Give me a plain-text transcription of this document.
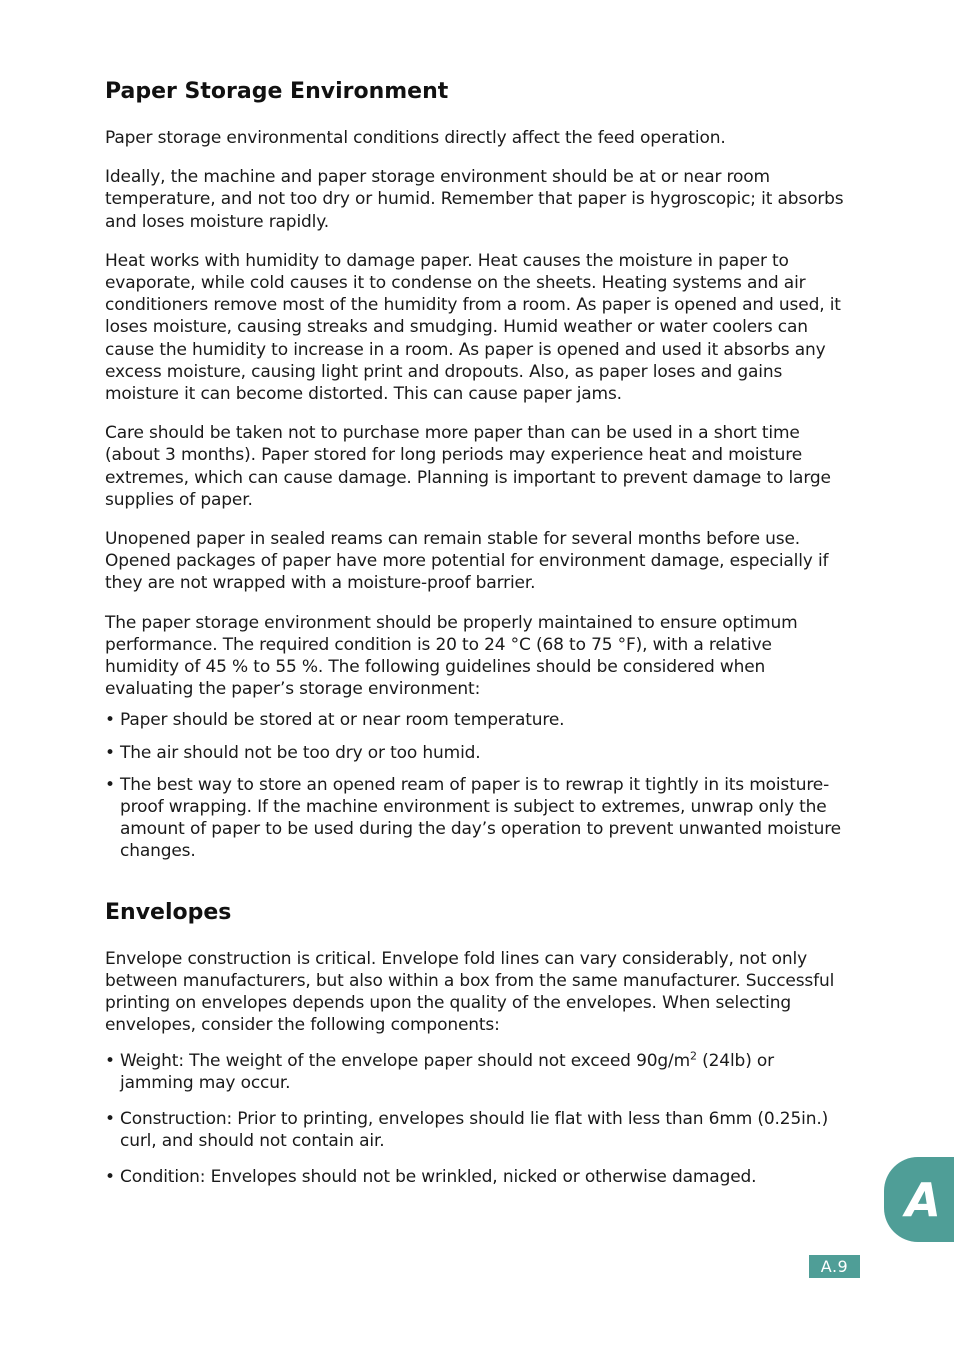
Paper Storage Environment

Paper storage environmental conditions directly affect the feed operation.

Ideally, the machine and paper storage environment should be at or near room temperature, and not too dry or humid. Remember that paper is hygroscopic; it absorbs and loses moisture rapidly.

Heat works with humidity to damage paper. Heat causes the moisture in paper to evaporate, while cold causes it to condense on the sheets. Heating systems and air conditioners remove most of the humidity from a room. As paper is opened and used, it loses moisture, causing streaks and smudging. Humid weather or water coolers can cause the humidity to increase in a room. As paper is opened and used it absorbs any excess moisture, causing light print and dropouts. Also, as paper loses and gains moisture it can become distorted. This can cause paper jams.

Care should be taken not to purchase more paper than can be used in a short time (about 3 months). Paper stored for long periods may experience heat and moisture extremes, which can cause damage. Planning is important to prevent damage to large supplies of paper.

Unopened paper in sealed reams can remain stable for several months before use. Opened packages of paper have more potential for environment damage, especially if they are not wrapped with a moisture-proof barrier.

The paper storage environment should be properly maintained to ensure optimum performance. The required condition is 20 to 24 °C (68 to 75 °F), with a relative humidity of 45 % to 55 %. The following guidelines should be considered when evaluating the paper’s storage environment:

• Paper should be stored at or near room temperature.
• The air should not be too dry or too humid.
• The best way to store an opened ream of paper is to rewrap it tightly in its moisture-proof wrapping. If the machine environment is subject to extremes, unwrap only the amount of paper to be used during the day’s operation to prevent unwanted moisture changes.
Envelopes

Envelope construction is critical. Envelope fold lines can vary considerably, not only between manufacturers, but also within a box from the same manufacturer. Successful printing on envelopes depends upon the quality of the envelopes. When selecting envelopes, consider the following components:

• Weight: The weight of the envelope paper should not exceed $90g/m^2$ (24lb) or jamming may occur.
• Construction: Prior to printing, envelopes should lie flat with less than 6mm (0.25in.) curl, and should not contain air.
• Condition: Envelopes should not be wrinkled, nicked or otherwise damaged.	A
A.9
